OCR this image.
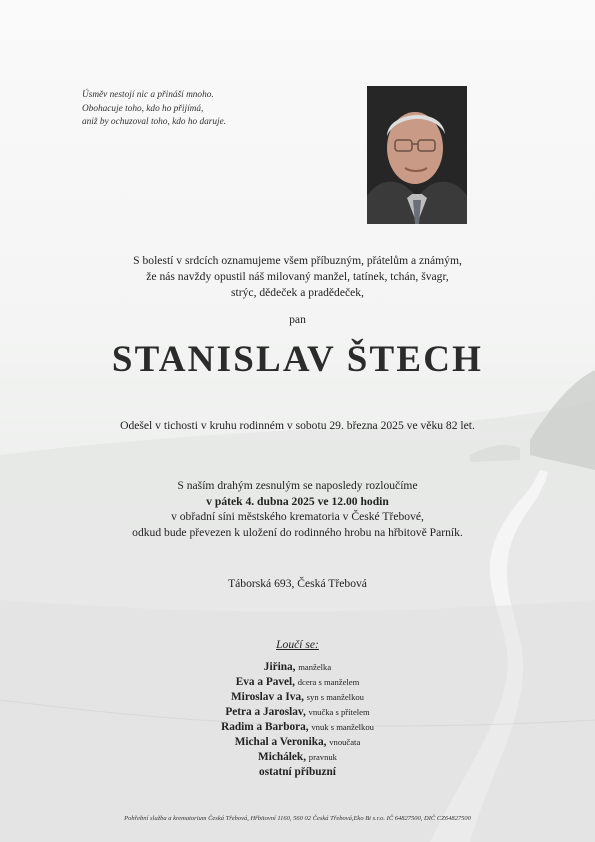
Úsměv nestojí nic a přináší mnoho.
Obohacuje toho, kdo ho přijímá,
aniž by ochuzoval toho, kdo ho daruje.
S bolestí v srdcích oznamujeme všem příbuzným, přátelům a známým,
že nás navždy opustil náš milovaný manžel, tatínek, tchán, švagr,
strýc, dědeček a pradědeček,
pan
STANISLAV ŠTECH
Odešel v tichosti v kruhu rodinném v sobotu 29. března 2025 ve věku 82 let.
S naším drahým zesnulým se naposledy rozloučíme
v pátek 4. dubna 2025 ve 12.00 hodin
v obřadní síni městského krematoria v České Třebové,
odkud bude převezen k uložení do rodinného hrobu na hřbitově Parník.
Táborská 693, Česká Třebová
Loučí se:
Jiřina, manželka
Eva a Pavel, dcera s manželem
Miroslav a Iva, syn s manželkou
Petra a Jaroslav, vnučka s přítelem
Radim a Barbora, vnuk s manželkou
Michal a Veronika, vnoučata
Michálek, pravnuk
ostatní příbuzní
Pohřební služba a krematorium Česká Třebová, Hřbitovní 1160, 560 02 Česká Třebová,Eko Bi s.r.o. IČ 64827500, DIČ CZ64827500
